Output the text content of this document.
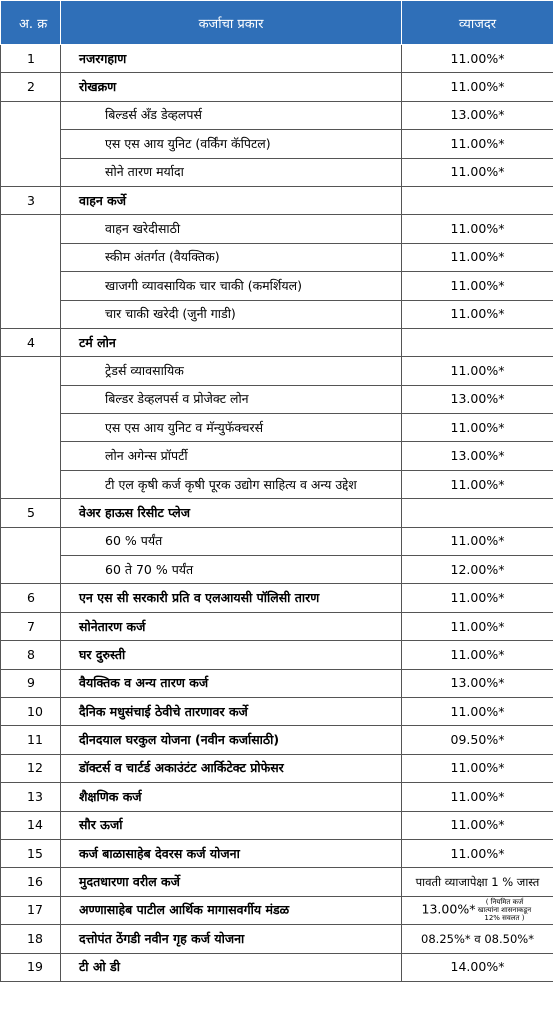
अ. क्र	कर्जाचा प्रकार	व्याजदर
1	नजरगहाण	11.00%*
2	रोखक्रण	11.00%*
	बिल्डर्स अँड डेव्हलपर्स	13.00%*
	एस एस आय युनिट (वर्किंग कॅपिटल)	11.00%*
	सोने तारण मर्यादा	11.00%*
3	वाहन कर्जे	
	वाहन खरेदीसाठी	11.00%*
	स्कीम अंतर्गत (वैयक्तिक)	11.00%*
	खाजगी व्यावसायिक चार चाकी (कमर्शियल)	11.00%*
	चार चाकी खरेदी (जुनी गाडी)	11.00%*
4	टर्म लोन	
	ट्रेडर्स व्यावसायिक	11.00%*
	बिल्डर डेव्हलपर्स व प्रोजेक्ट लोन	13.00%*
	एस एस आय युनिट व मॅन्युफॅक्चरर्स	11.00%*
	लोन अगेन्स प्रॉपर्टी	13.00%*
	टी एल कृषी कर्ज कृषी पूरक उद्योग साहित्य व अन्य उद्देश	11.00%*
5	वेअर हाऊस रिसीट प्लेज	
	60 % पर्यंत	11.00%*
	60 ते 70 % पर्यंत	12.00%*
6	एन एस सी सरकारी प्रति व एलआयसी पॉलिसी तारण	11.00%*
7	सोनेतारण कर्ज	11.00%*
8	घर दुरुस्ती	11.00%*
9	वैयक्तिक व अन्य तारण कर्ज	13.00%*
10	दैनिक मधुसंचाई ठेवीचे तारणावर कर्जे	11.00%*
11	दीनदयाल घरकुल योजना (नवीन कर्जासाठी)	09.50%*
12	डॉक्टर्स व चार्टर्ड अकाउंटंट आर्किटेक्ट प्रोफेसर	11.00%*
13	शैक्षणिक कर्ज	11.00%*
14	सौर ऊर्जा	11.00%*
15	कर्ज बाळासाहेब देवरस कर्ज योजना	11.00%*
16	मुदतधारणा वरील कर्जे	पावती व्याजापेक्षा 1 % जास्त
17	अण्णासाहेब पाटील आर्थिक मागासवर्गीय मंडळ	13.00%* ( नियमित कर्ज खात्यांना शासनाकडून 12% सवलत )
18	दत्तोपंत ठेंगडी नवीन गृह कर्ज योजना	08.25%* व 08.50%*
19	टी ओ डी	14.00%*
